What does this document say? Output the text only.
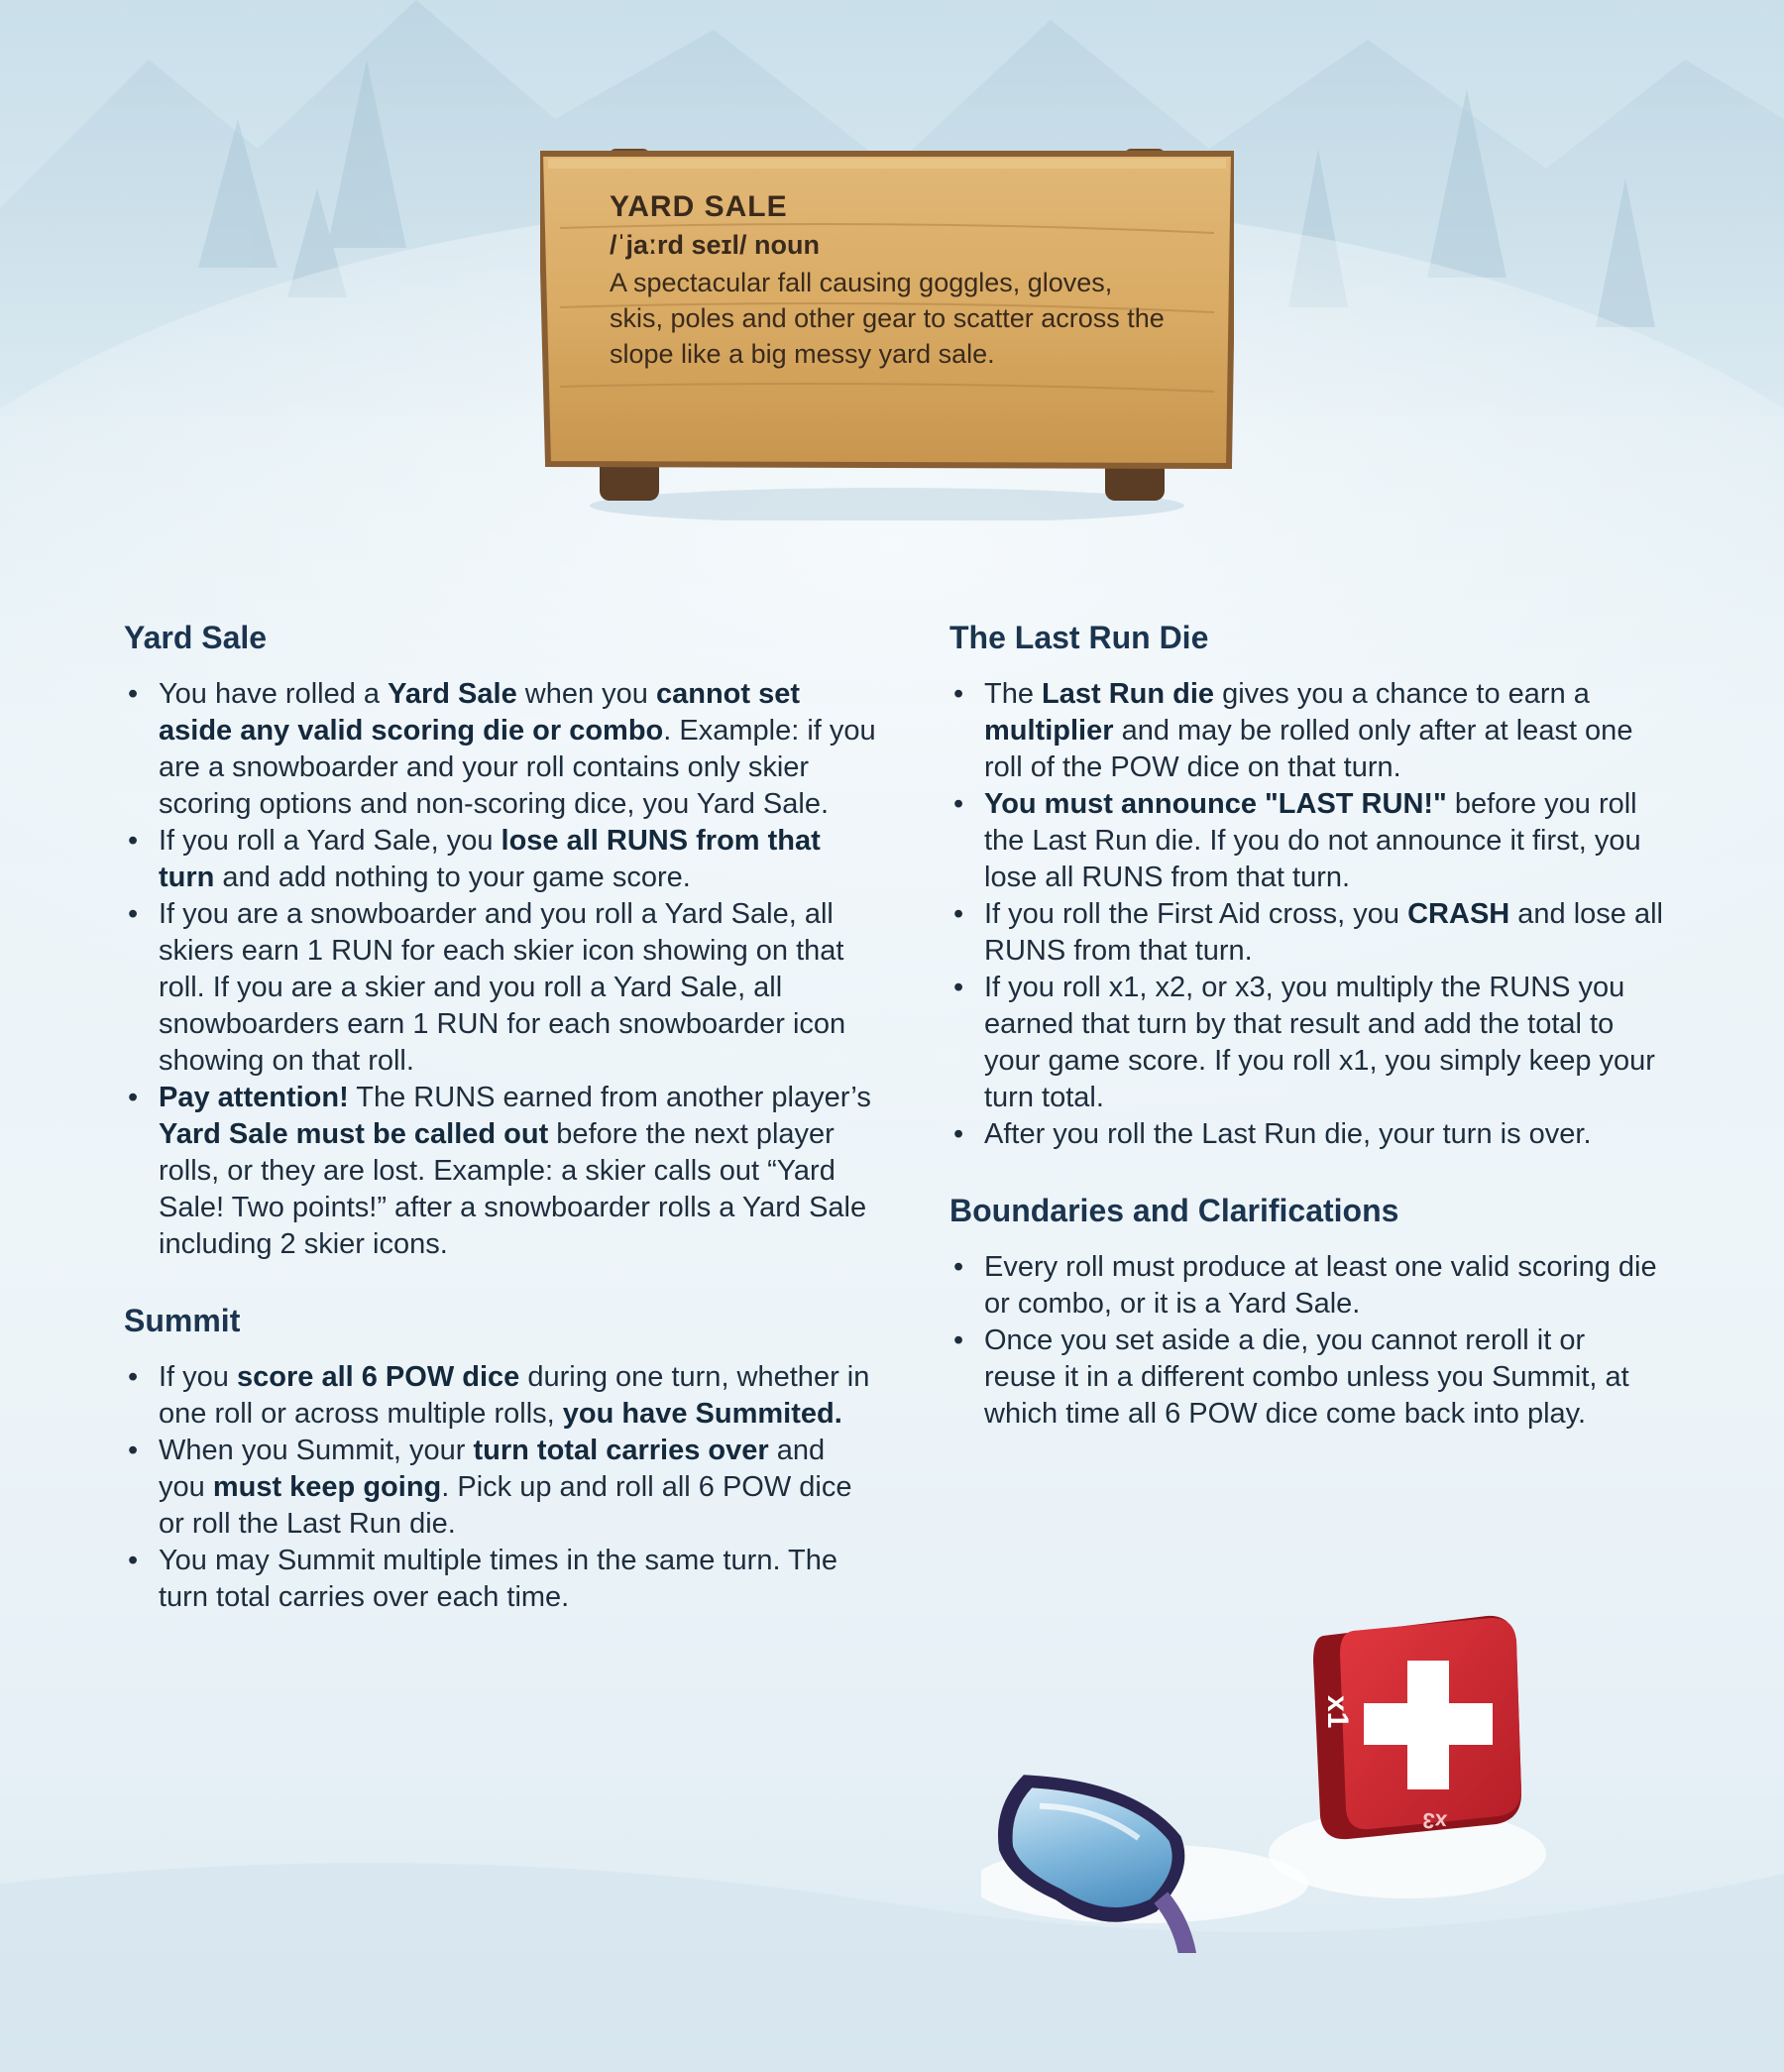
YARD SALE
/ˈjaːrd seɪl/ noun

A spectacular fall causing goggles, gloves, skis, poles and other gear to scatter across the slope like a big messy yard sale.

Yard Sale
• You have rolled a Yard Sale when you cannot set aside any valid scoring die or combo. Example: if you are a snowboarder and your roll contains only skier scoring options and non-scoring dice, you Yard Sale.
• If you roll a Yard Sale, you lose all RUNS from that turn and add nothing to your game score.
• If you are a snowboarder and you roll a Yard Sale, all skiers earn 1 RUN for each skier icon showing on that roll. If you are a skier and you roll a Yard Sale, all snowboarders earn 1 RUN for each snowboarder icon showing on that roll.
• Pay attention! The RUNS earned from another player’s Yard Sale must be called out before the next player rolls, or they are lost. Example: a skier calls out “Yard Sale! Two points!” after a snowboarder rolls a Yard Sale including 2 skier icons.
Summit
• If you score all 6 POW dice during one turn, whether in one roll or across multiple rolls, you have Summited.
• When you Summit, your turn total carries over and you must keep going. Pick up and roll all 6 POW dice or roll the Last Run die.
• You may Summit multiple times in the same turn. The turn total carries over each time.
The Last Run Die
• The Last Run die gives you a chance to earn a multiplier and may be rolled only after at least one roll of the POW dice on that turn.
• You must announce "LAST RUN!" before you roll the Last Run die. If you do not announce it first, you lose all RUNS from that turn.
• If you roll the First Aid cross, you CRASH and lose all RUNS from that turn.
• If you roll x1, x2, or x3, you multiply the RUNS you earned that turn by that result and add the total to your game score. If you roll x1, you simply keep your turn total.
• After you roll the Last Run die, your turn is over.
Boundaries and Clarifications
• Every roll must produce at least one valid scoring die or combo, or it is a Yard Sale.
• Once you set aside a die, you cannot reroll it or reuse it in a different combo unless you Summit, at which time all 6 POW dice come back into play.
x1
x3
